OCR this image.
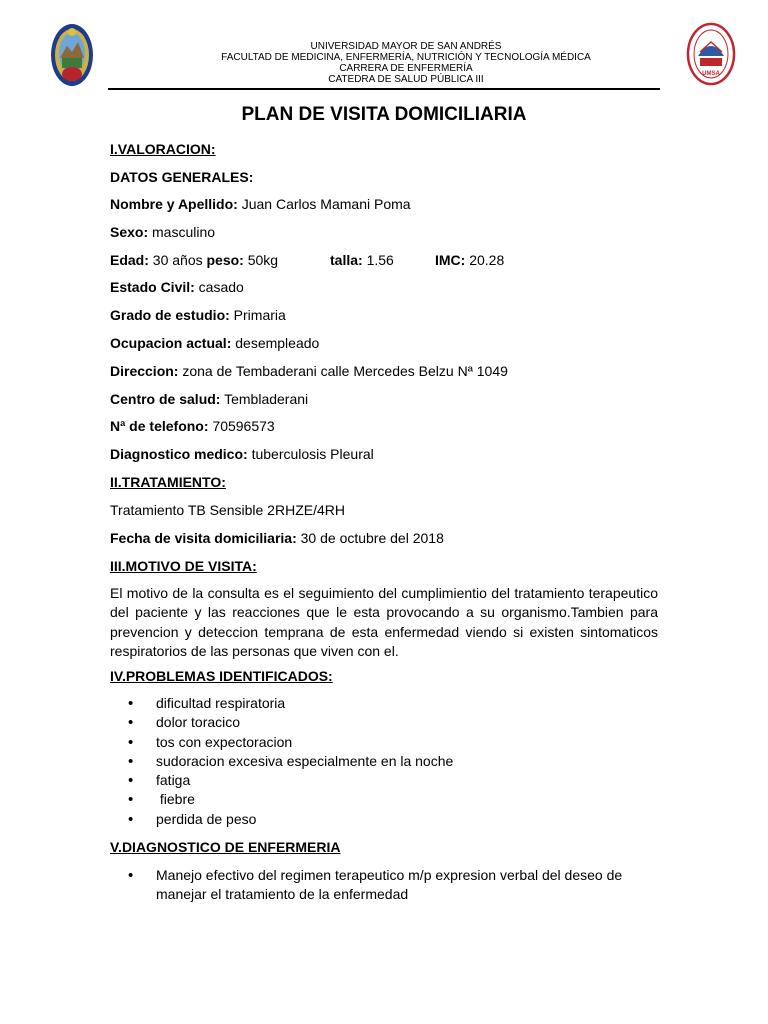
UNIVERSIDAD MAYOR DE SAN ANDRÉS
FACULTAD DE MEDICINA, ENFERMERÍA, NUTRICIÓN Y TECNOLOGÍA MÉDICA
CARRERA DE ENFERMERÍA
CATEDRA DE SALUD PÚBLICA III	UMSA
PLAN DE VISITA DOMICILIARIA
I.VALORACION:
DATOS GENERALES:
Nombre y Apellido: Juan Carlos Mamani Poma
Sexo: masculino
Edad: 30 años peso: 50kg	talla: 1.56	IMC: 20.28
Estado Civil: casado
Grado de estudio: Primaria
Ocupacion actual: desempleado
Direccion: zona de Tembaderani calle Mercedes Belzu Nª 1049
Centro de salud: Tembladerani
Nª de telefono: 70596573
Diagnostico medico: tuberculosis Pleural
II.TRATAMIENTO:
Tratamiento TB Sensible 2RHZE/4RH
Fecha de visita domiciliaria: 30 de octubre del 2018
III.MOTIVO DE VISITA:
El motivo de la consulta es el seguimiento del cumplimientio del tratamiento terapeutico del paciente y las reacciones que le esta provocando a su organismo.Tambien para prevencion y deteccion temprana de esta enfermedad viendo si existen sintomaticos respiratorios de las personas que viven con el.
IV.PROBLEMAS IDENTIFICADOS:
• dificultad respiratoria
• dolor toracico
• tos con expectoracion
• sudoracion excesiva especialmente en la noche
• fatiga
•  fiebre
• perdida de peso
V.DIAGNOSTICO DE ENFERMERIA
• Manejo efectivo del regimen terapeutico m/p expresion verbal del deseo de manejar el tratamiento de la enfermedad
